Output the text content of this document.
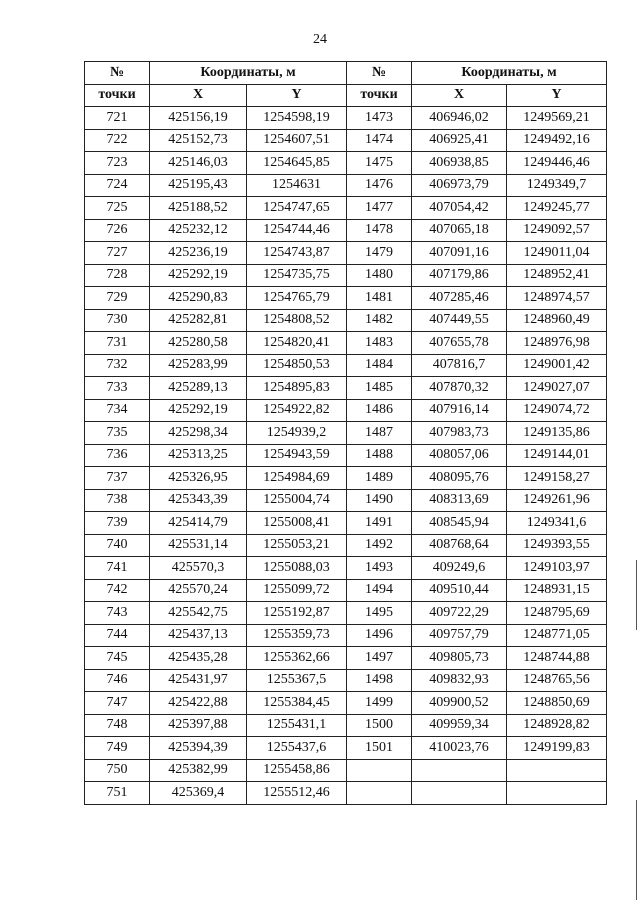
24
№	Координаты, м		№	Координаты, м	
точки	X	Y	точки	X	Y
721	425156,19	1254598,19	1473	406946,02	1249569,21
722	425152,73	1254607,51	1474	406925,41	1249492,16
723	425146,03	1254645,85	1475	406938,85	1249446,46
724	425195,43	1254631	1476	406973,79	1249349,7
725	425188,52	1254747,65	1477	407054,42	1249245,77
726	425232,12	1254744,46	1478	407065,18	1249092,57
727	425236,19	1254743,87	1479	407091,16	1249011,04
728	425292,19	1254735,75	1480	407179,86	1248952,41
729	425290,83	1254765,79	1481	407285,46	1248974,57
730	425282,81	1254808,52	1482	407449,55	1248960,49
731	425280,58	1254820,41	1483	407655,78	1248976,98
732	425283,99	1254850,53	1484	407816,7	1249001,42
733	425289,13	1254895,83	1485	407870,32	1249027,07
734	425292,19	1254922,82	1486	407916,14	1249074,72
735	425298,34	1254939,2	1487	407983,73	1249135,86
736	425313,25	1254943,59	1488	408057,06	1249144,01
737	425326,95	1254984,69	1489	408095,76	1249158,27
738	425343,39	1255004,74	1490	408313,69	1249261,96
739	425414,79	1255008,41	1491	408545,94	1249341,6
740	425531,14	1255053,21	1492	408768,64	1249393,55
741	425570,3	1255088,03	1493	409249,6	1249103,97
742	425570,24	1255099,72	1494	409510,44	1248931,15
743	425542,75	1255192,87	1495	409722,29	1248795,69
744	425437,13	1255359,73	1496	409757,79	1248771,05
745	425435,28	1255362,66	1497	409805,73	1248744,88
746	425431,97	1255367,5	1498	409832,93	1248765,56
747	425422,88	1255384,45	1499	409900,52	1248850,69
748	425397,88	1255431,1	1500	409959,34	1248928,82
749	425394,39	1255437,6	1501	410023,76	1249199,83
750	425382,99	1255458,86			
751	425369,4	1255512,46			
